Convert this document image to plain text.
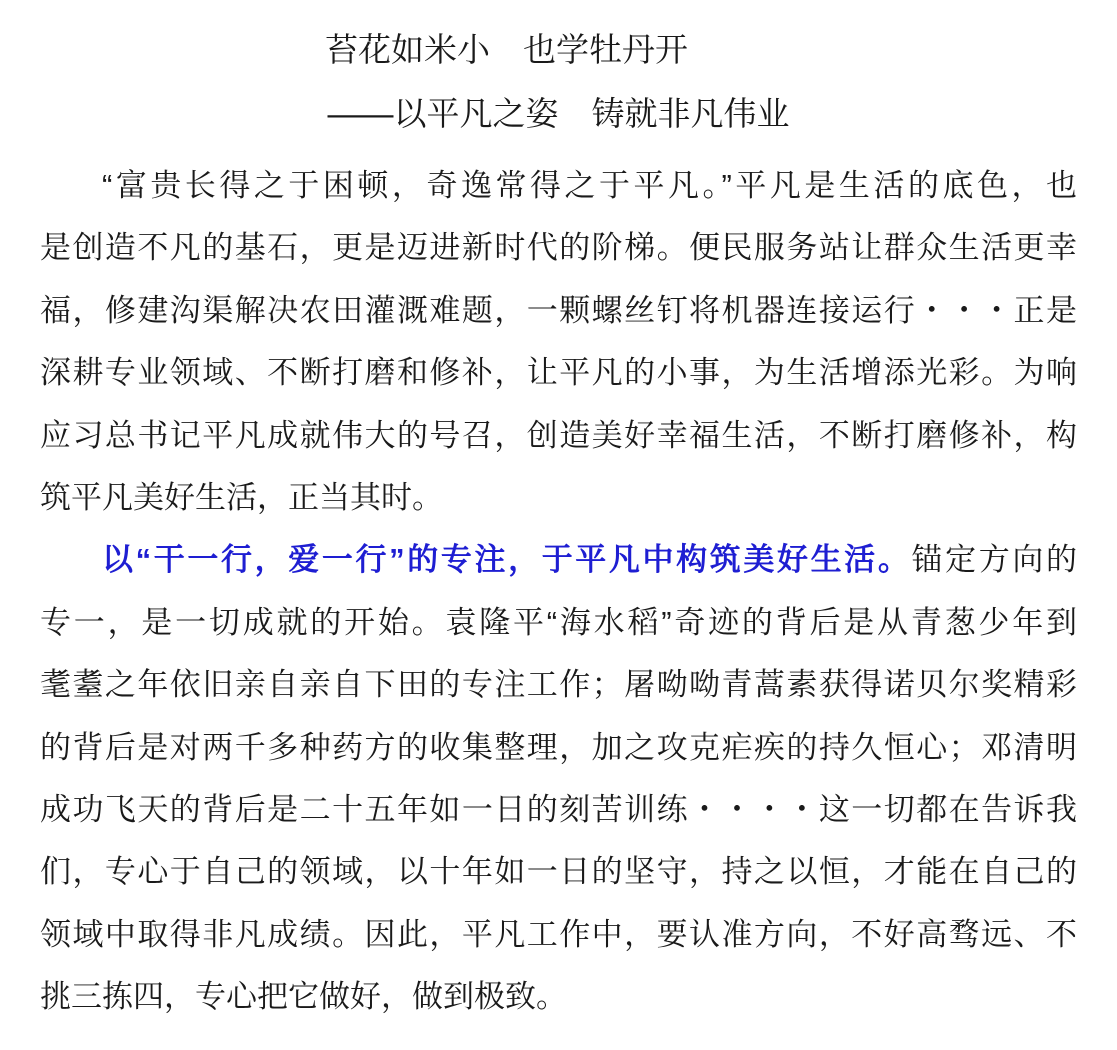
苔花如米小　也学牡丹开
——以平凡之姿　铸就非凡伟业
“富贵长得之于困顿，奇逸常得之于平凡。”平凡是生活的底色，也
是创造不凡的基石，更是迈进新时代的阶梯。便民服务站让群众生活更幸
福，修建沟渠解决农田灌溉难题，一颗螺丝钉将机器连接运行・・・正是
深耕专业领域、不断打磨和修补，让平凡的小事，为生活增添光彩。为响
应习总书记平凡成就伟大的号召，创造美好幸福生活，不断打磨修补，构
筑平凡美好生活，正当其时。
以“干一行，爱一行”的专注，于平凡中构筑美好生活。锚定方向的
专一，是一切成就的开始。袁隆平“海水稻”奇迹的背后是从青葱少年到
耄耋之年依旧亲自亲自下田的专注工作；屠呦呦青蒿素获得诺贝尔奖精彩
的背后是对两千多种药方的收集整理，加之攻克疟疾的持久恒心；邓清明
成功飞天的背后是二十五年如一日的刻苦训练・・・・这一切都在告诉我
们，专心于自己的领域，以十年如一日的坚守，持之以恒，才能在自己的
领域中取得非凡成绩。因此，平凡工作中，要认准方向，不好高骛远、不
挑三拣四，专心把它做好，做到极致。
